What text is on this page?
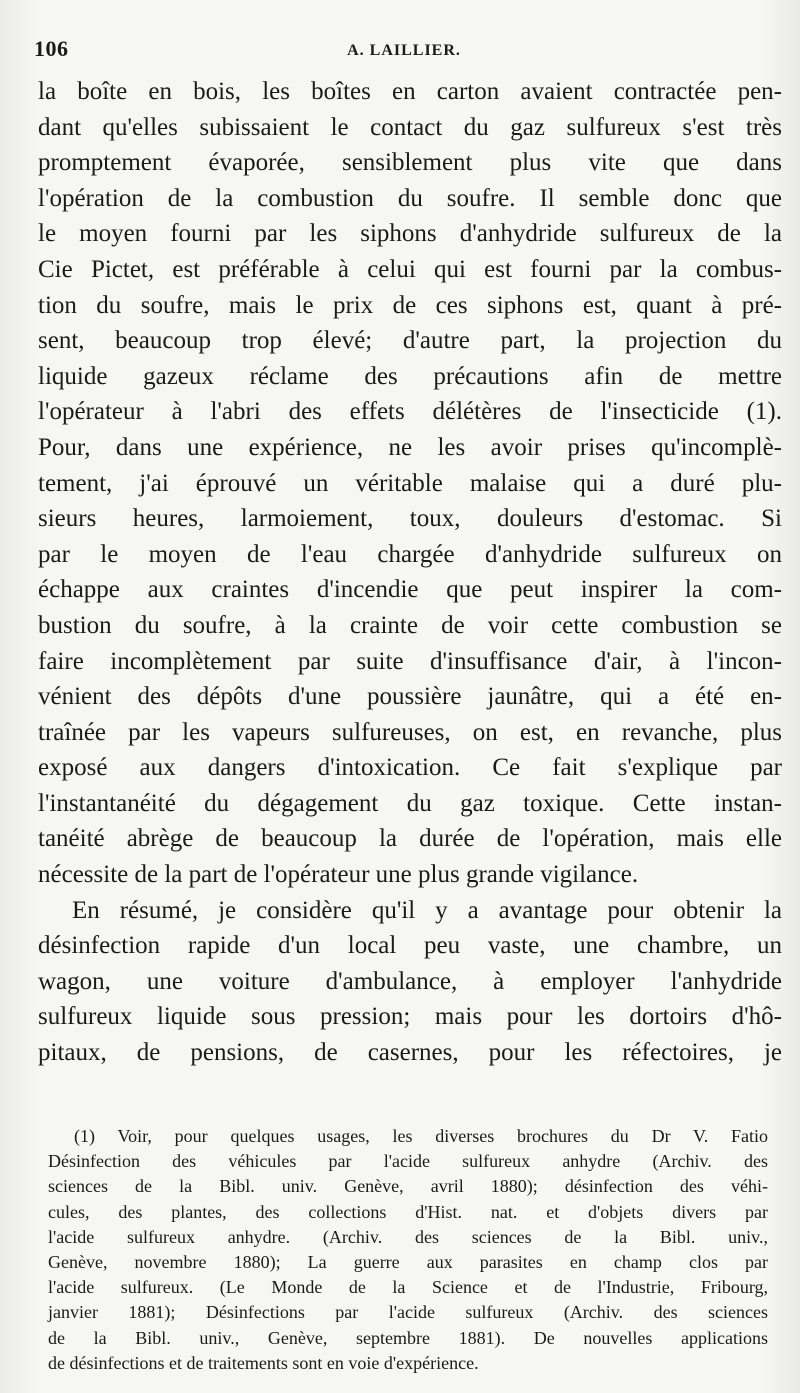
106	A. LAILLIER.
la boîte en bois, les boîtes en carton avaient contractée pen-
dant qu'elles subissaient le contact du gaz sulfureux s'est très
promptement évaporée, sensiblement plus vite que dans
l'opération de la combustion du soufre. Il semble donc que
le moyen fourni par les siphons d'anhydride sulfureux de la
Cie Pictet, est préférable à celui qui est fourni par la combus-
tion du soufre, mais le prix de ces siphons est, quant à pré-
sent, beaucoup trop élevé; d'autre part, la projection du
liquide gazeux réclame des précautions afin de mettre
l'opérateur à l'abri des effets délétères de l'insecticide (1).
Pour, dans une expérience, ne les avoir prises qu'incomplè-
tement, j'ai éprouvé un véritable malaise qui a duré plu-
sieurs heures, larmoiement, toux, douleurs d'estomac. Si
par le moyen de l'eau chargée d'anhydride sulfureux on
échappe aux craintes d'incendie que peut inspirer la com-
bustion du soufre, à la crainte de voir cette combustion se
faire incomplètement par suite d'insuffisance d'air, à l'incon-
vénient des dépôts d'une poussière jaunâtre, qui a été en-
traînée par les vapeurs sulfureuses, on est, en revanche, plus
exposé aux dangers d'intoxication. Ce fait s'explique par
l'instantanéité du dégagement du gaz toxique. Cette instan-
tanéité abrège de beaucoup la durée de l'opération, mais elle
nécessite de la part de l'opérateur une plus grande vigilance.
En résumé, je considère qu'il y a avantage pour obtenir la
désinfection rapide d'un local peu vaste, une chambre, un
wagon, une voiture d'ambulance, à employer l'anhydride
sulfureux liquide sous pression; mais pour les dortoirs d'hô-
pitaux, de pensions, de casernes, pour les réfectoires, je
(1) Voir, pour quelques usages, les diverses brochures du Dr V. Fatio
Désinfection des véhicules par l'acide sulfureux anhydre (Archiv. des
sciences de la Bibl. univ. Genève, avril 1880); désinfection des véhi-
cules, des plantes, des collections d'Hist. nat. et d'objets divers par
l'acide sulfureux anhydre. (Archiv. des sciences de la Bibl. univ.,
Genève, novembre 1880); La guerre aux parasites en champ clos par
l'acide sulfureux. (Le Monde de la Science et de l'Industrie, Fribourg,
janvier 1881); Désinfections par l'acide sulfureux (Archiv. des sciences
de la Bibl. univ., Genève, septembre 1881). De nouvelles applications
de désinfections et de traitements sont en voie d'expérience.
